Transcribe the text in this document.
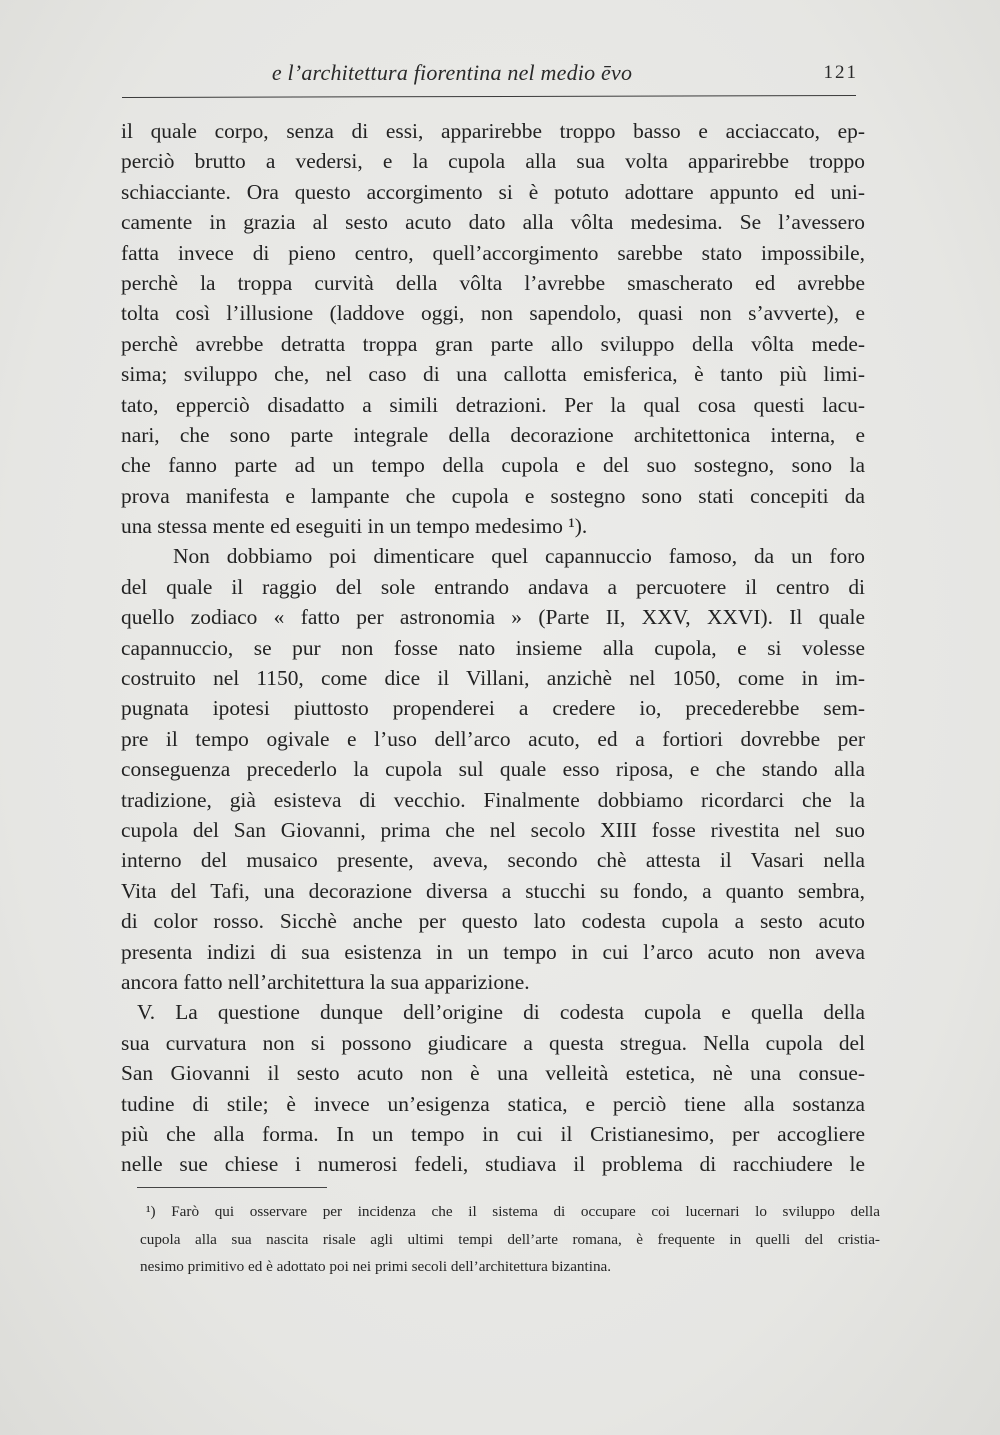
e l’architettura fiorentina nel medio ēvo	121
il quale corpo, senza di essi, apparirebbe troppo basso e acciaccato, ep-
perciò brutto a vedersi, e la cupola alla sua volta apparirebbe troppo
schiacciante. Ora questo accorgimento si è potuto adottare appunto ed uni-
camente in grazia al sesto acuto dato alla vôlta medesima. Se l’avessero
fatta invece di pieno centro, quell’accorgimento sarebbe stato impossibile,
perchè la troppa curvità della vôlta l’avrebbe smascherato ed avrebbe
tolta così l’illusione (laddove oggi, non sapendolo, quasi non s’avverte), e
perchè avrebbe detratta troppa gran parte allo sviluppo della vôlta mede-
sima; sviluppo che, nel caso di una callotta emisferica, è tanto più limi-
tato, epperciò disadatto a simili detrazioni. Per la qual cosa questi lacu-
nari, che sono parte integrale della decorazione architettonica interna, e
che fanno parte ad un tempo della cupola e del suo sostegno, sono la
prova manifesta e lampante che cupola e sostegno sono stati concepiti da
una stessa mente ed eseguiti in un tempo medesimo ¹).
Non dobbiamo poi dimenticare quel capannuccio famoso, da un foro
del quale il raggio del sole entrando andava a percuotere il centro di
quello zodiaco « fatto per astronomia » (Parte II, XXV, XXVI). Il quale
capannuccio, se pur non fosse nato insieme alla cupola, e si volesse
costruito nel 1150, come dice il Villani, anzichè nel 1050, come in im-
pugnata ipotesi piuttosto propenderei a credere io, precederebbe sem-
pre il tempo ogivale e l’uso dell’arco acuto, ed a fortiori dovrebbe per
conseguenza precederlo la cupola sul quale esso riposa, e che stando alla
tradizione, già esisteva di vecchio. Finalmente dobbiamo ricordarci che la
cupola del San Giovanni, prima che nel secolo XIII fosse rivestita nel suo
interno del musaico presente, aveva, secondo chè attesta il Vasari nella
Vita del Tafi, una decorazione diversa a stucchi su fondo, a quanto sembra,
di color rosso. Sicchè anche per questo lato codesta cupola a sesto acuto
presenta indizi di sua esistenza in un tempo in cui l’arco acuto non aveva
ancora fatto nell’architettura la sua apparizione.
V. La questione dunque dell’origine di codesta cupola e quella della
sua curvatura non si possono giudicare a questa stregua. Nella cupola del
San Giovanni il sesto acuto non è una velleità estetica, nè una consue-
tudine di stile; è invece un’esigenza statica, e perciò tiene alla sostanza
più che alla forma. In un tempo in cui il Cristianesimo, per accogliere
nelle sue chiese i numerosi fedeli, studiava il problema di racchiudere le
¹) Farò qui osservare per incidenza che il sistema di occupare coi lucernari lo sviluppo della
cupola alla sua nascita risale agli ultimi tempi dell’arte romana, è frequente in quelli del cristia-
nesimo primitivo ed è adottato poi nei primi secoli dell’architettura bizantina.
